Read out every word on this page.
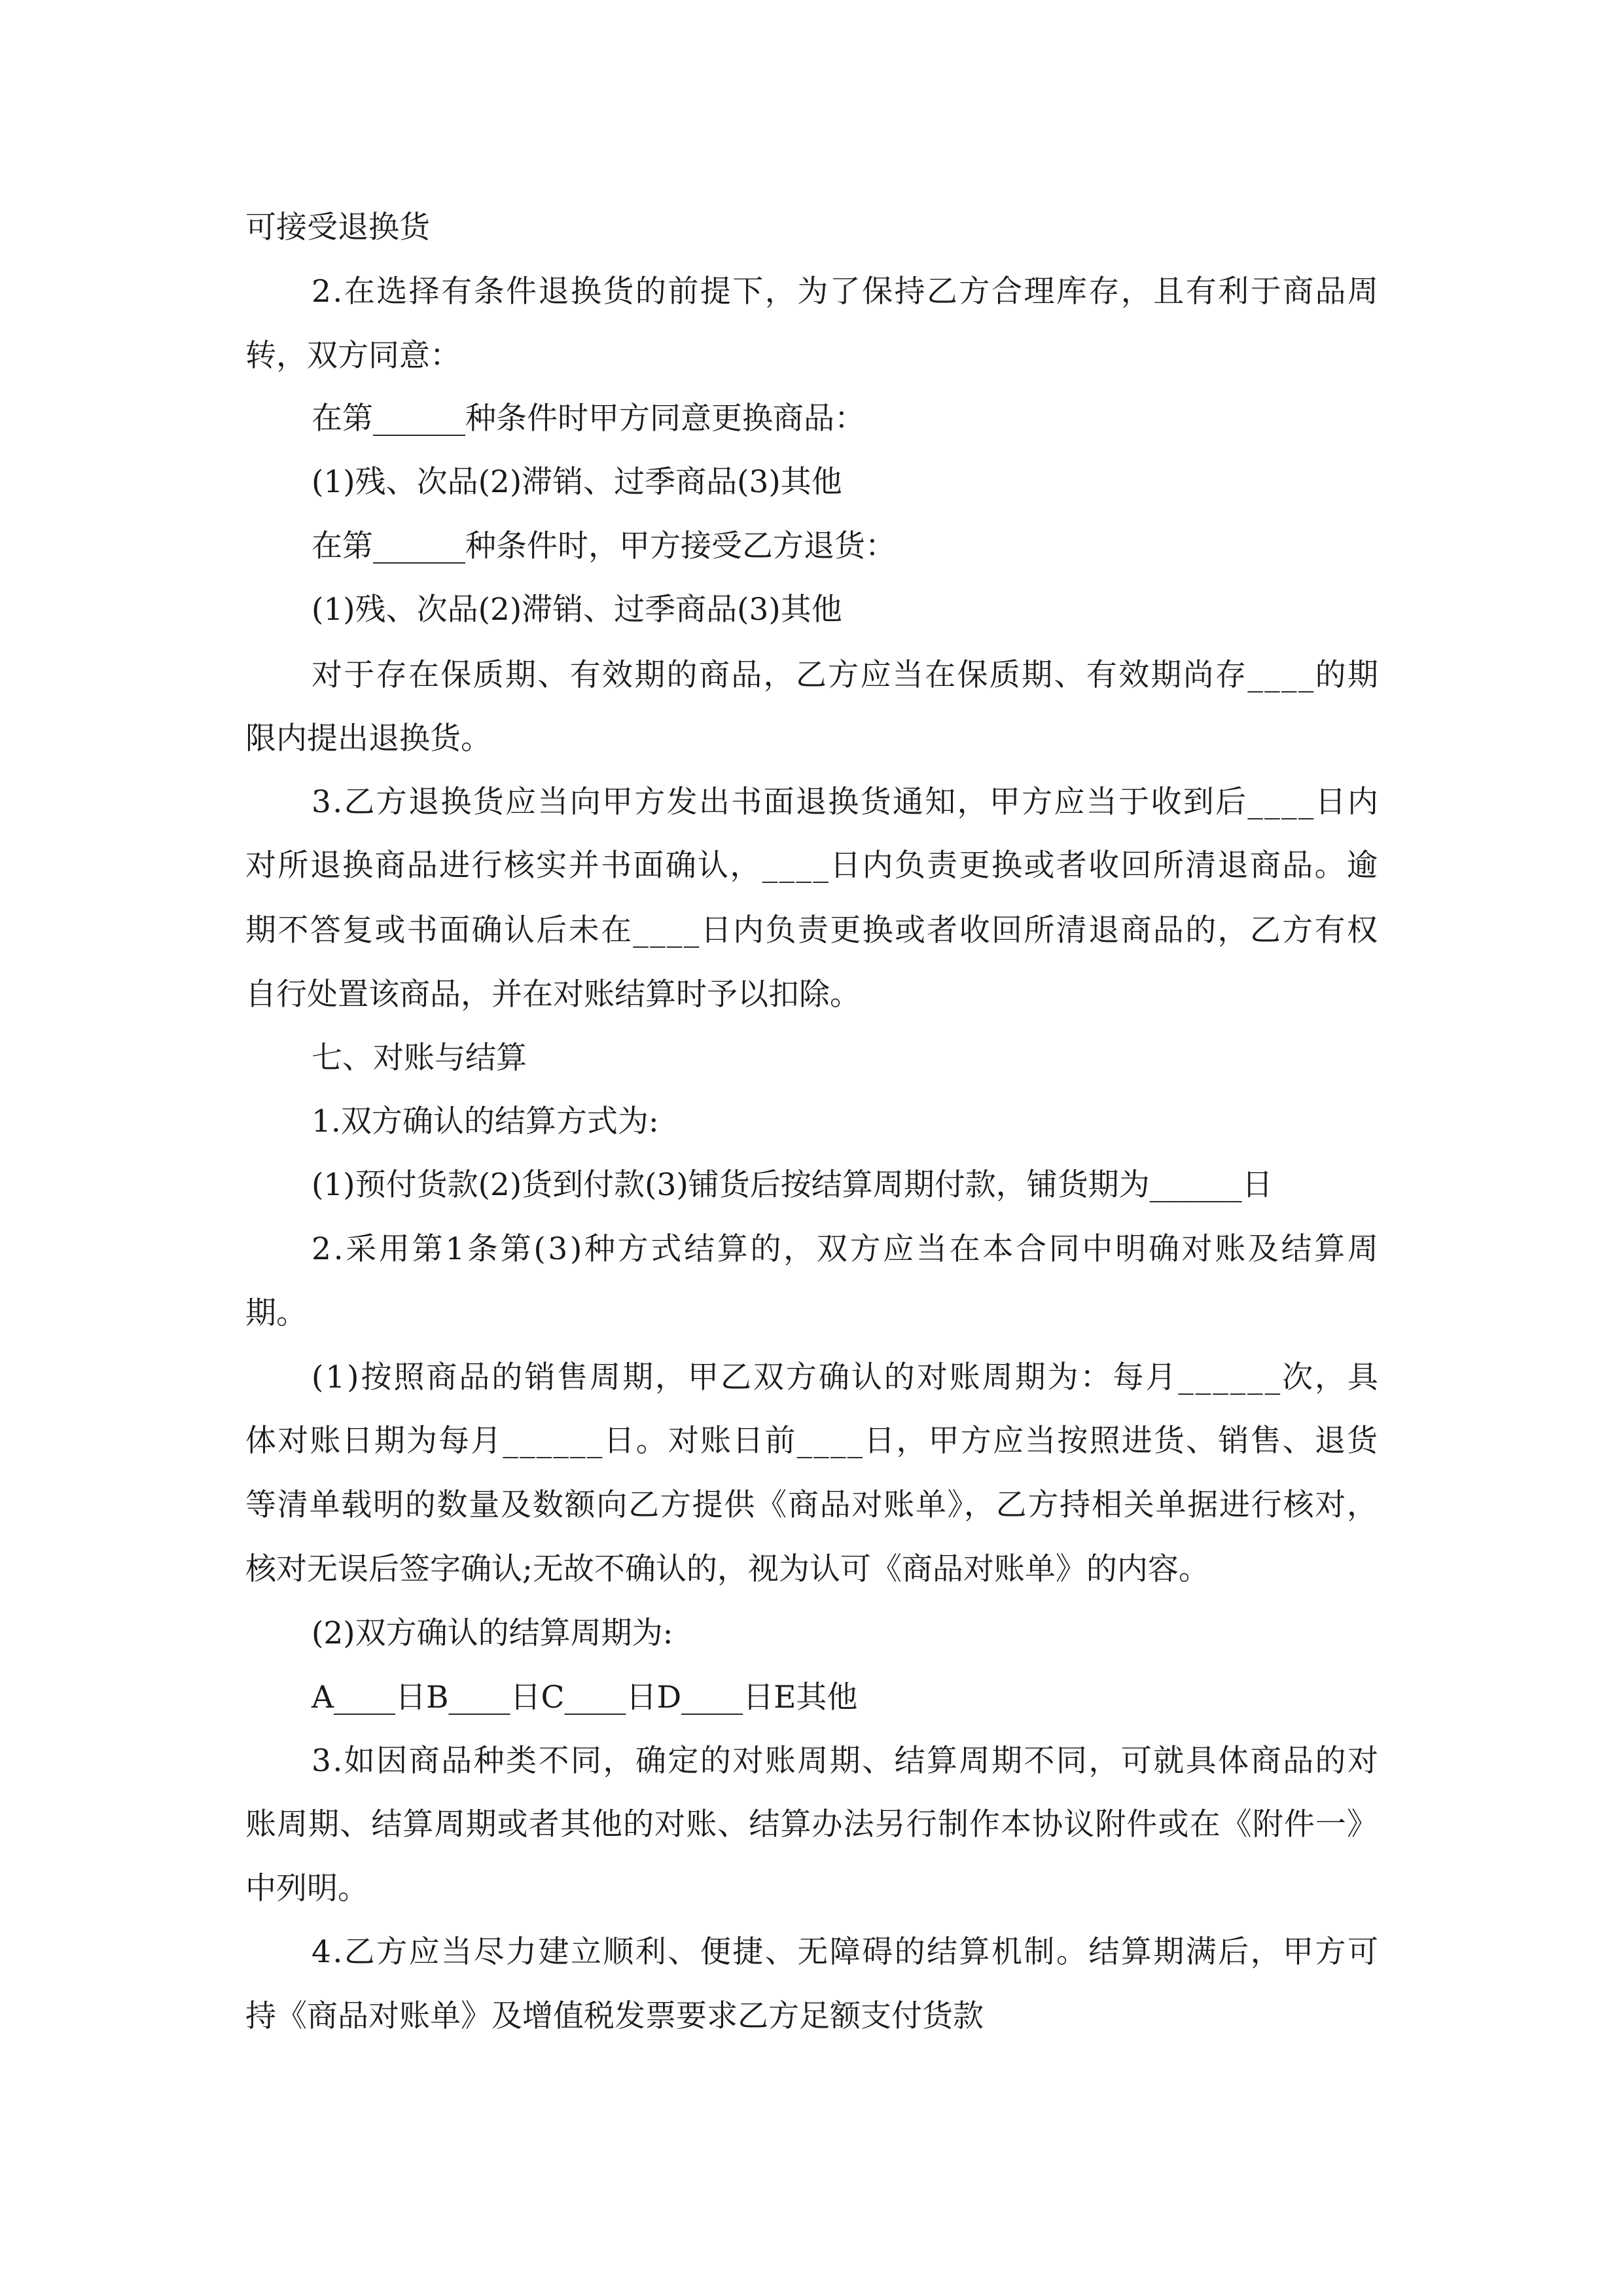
可接受退换货
2.在选择有条件退换货的前提下，为了保持乙方合理库存，且有利于商品周
转，双方同意：
在第______种条件时甲方同意更换商品：
(1)残、次品(2)滞销、过季商品(3)其他
在第______种条件时，甲方接受乙方退货：
(1)残、次品(2)滞销、过季商品(3)其他
对于存在保质期、有效期的商品，乙方应当在保质期、有效期尚存____的期
限内提出退换货。
3.乙方退换货应当向甲方发出书面退换货通知，甲方应当于收到后____日内
对所退换商品进行核实并书面确认，____日内负责更换或者收回所清退商品。逾
期不答复或书面确认后未在____日内负责更换或者收回所清退商品的，乙方有权
自行处置该商品，并在对账结算时予以扣除。
七、对账与结算
1.双方确认的结算方式为:
(1)预付货款(2)货到付款(3)铺货后按结算周期付款，铺货期为______日
2.采用第1条第(3)种方式结算的，双方应当在本合同中明确对账及结算周
期。
(1)按照商品的销售周期，甲乙双方确认的对账周期为：每月______次，具
体对账日期为每月______日。对账日前____日，甲方应当按照进货、销售、退货
等清单载明的数量及数额向乙方提供《商品对账单》，乙方持相关单据进行核对，
核对无误后签字确认;无故不确认的，视为认可《商品对账单》的内容。
(2)双方确认的结算周期为:
A____日B____日C____日D____日E其他
3.如因商品种类不同，确定的对账周期、结算周期不同，可就具体商品的对
账周期、结算周期或者其他的对账、结算办法另行制作本协议附件或在《附件一》
中列明。
4.乙方应当尽力建立顺利、便捷、无障碍的结算机制。结算期满后，甲方可
持《商品对账单》及增值税发票要求乙方足额支付货款
